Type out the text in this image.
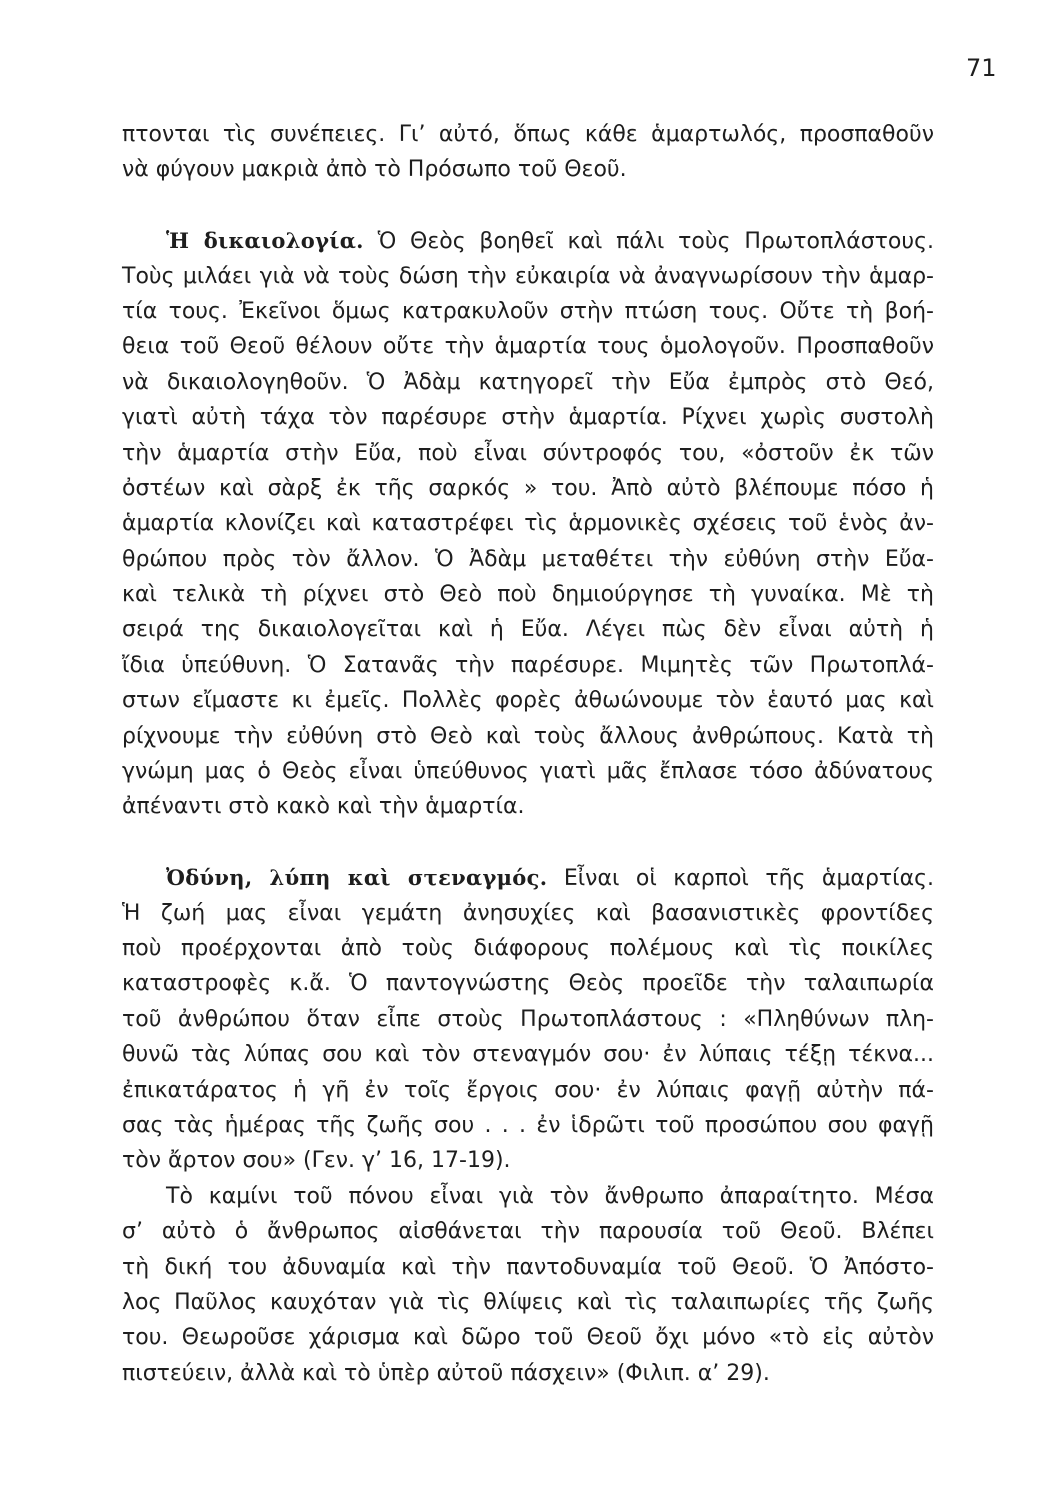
71
πτονται τὶς συνέπειες. Γι’ αὐτό, ὅπως κάθε ἁμαρτωλός, προσπαθοῦν
νὰ φύγουν μακριὰ ἀπὸ τὸ Πρόσωπο τοῦ Θεοῦ.
Ἡ δικαιολογία. Ὁ Θεὸς βοηθεῖ καὶ πάλι τοὺς Πρωτοπλάστους.
Τοὺς μιλάει γιὰ νὰ τοὺς δώση τὴν εὐκαιρία νὰ ἀναγνωρίσουν τὴν ἁμαρ-
τία τους. Ἐκεῖνοι ὅμως κατρακυλοῦν στὴν πτώση τους. Οὔτε τὴ βοή-
θεια τοῦ Θεοῦ θέλουν οὔτε τὴν ἁμαρτία τους ὁμολογοῦν. Προσπαθοῦν
νὰ δικαιολογηθοῦν. Ὁ Ἀδὰμ κατηγορεῖ τὴν Εὔα ἐμπρὸς στὸ Θεό,
γιατὶ αὐτὴ τάχα τὸν παρέσυρε στὴν ἁμαρτία. Ρίχνει χωρὶς συστολὴ
τὴν ἁμαρτία στὴν Εὔα, ποὺ εἶναι σύντροφός του, «ὀστοῦν ἐκ τῶν
ὀστέων καὶ σὰρξ ἐκ τῆς σαρκός » του. Ἀπὸ αὐτὸ βλέπουμε πόσο ἡ
ἁμαρτία κλονίζει καὶ καταστρέφει τὶς ἁρμονικὲς σχέσεις τοῦ ἑνὸς ἀν-
θρώπου πρὸς τὸν ἄλλον. Ὁ Ἀδὰμ μεταθέτει τὴν εὐθύνη στὴν Εὔα-
καὶ τελικὰ τὴ ρίχνει στὸ Θεὸ ποὺ δημιούργησε τὴ γυναίκα. Μὲ τὴ
σειρά της δικαιολογεῖται καὶ ἡ Εὔα. Λέγει πὼς δὲν εἶναι αὐτὴ ἡ
ἴδια ὑπεύθυνη. Ὁ Σατανᾶς τὴν παρέσυρε. Μιμητὲς τῶν Πρωτοπλά-
στων εἴμαστε κι ἐμεῖς. Πολλὲς φορὲς ἀθωώνουμε τὸν ἑαυτό μας καὶ
ρίχνουμε τὴν εὐθύνη στὸ Θεὸ καὶ τοὺς ἄλλους ἀνθρώπους. Κατὰ τὴ
γνώμη μας ὁ Θεὸς εἶναι ὑπεύθυνος γιατὶ μᾶς ἔπλασε τόσο ἀδύνατους
ἀπέναντι στὸ κακὸ καὶ τὴν ἁμαρτία.
Ὀδύνη, λύπη καὶ στεναγμός. Εἶναι οἱ καρποὶ τῆς ἁμαρτίας.
Ἡ ζωή μας εἶναι γεμάτη ἀνησυχίες καὶ βασανιστικὲς φροντίδες
ποὺ προέρχονται ἀπὸ τοὺς διάφορους πολέμους καὶ τὶς ποικίλες
καταστροφὲς κ.ἄ. Ὁ παντογνώστης Θεὸς προεῖδε τὴν ταλαιπωρία
τοῦ ἀνθρώπου ὅταν εἶπε στοὺς Πρωτοπλάστους : «Πληθύνων πλη-
θυνῶ τὰς λύπας σου καὶ τὸν στεναγμόν σου· ἐν λύπαις τέξῃ τέκνα...
ἐπικατάρατος ἡ γῆ ἐν τοῖς ἔργοις σου· ἐν λύπαις φαγῇ αὐτὴν πά-
σας τὰς ἡμέρας τῆς ζωῆς σου . . . ἐν ἱδρῶτι τοῦ προσώπου σου φαγῇ
τὸν ἄρτον σου» (Γεν. γ’ 16, 17-19).
Τὸ καμίνι τοῦ πόνου εἶναι γιὰ τὸν ἄνθρωπο ἀπαραίτητο. Μέσα
σ’ αὐτὸ ὁ ἄνθρωπος αἰσθάνεται τὴν παρουσία τοῦ Θεοῦ. Βλέπει
τὴ δική του ἀδυναμία καὶ τὴν παντοδυναμία τοῦ Θεοῦ. Ὁ Ἀπόστο-
λος Παῦλος καυχόταν γιὰ τὶς θλίψεις καὶ τὶς ταλαιπωρίες τῆς ζωῆς
του. Θεωροῦσε χάρισμα καὶ δῶρο τοῦ Θεοῦ ὄχι μόνο «τὸ εἰς αὐτὸν
πιστεύειν, ἀλλὰ καὶ τὸ ὑπὲρ αὐτοῦ πάσχειν» (Φιλιπ. α’ 29).
